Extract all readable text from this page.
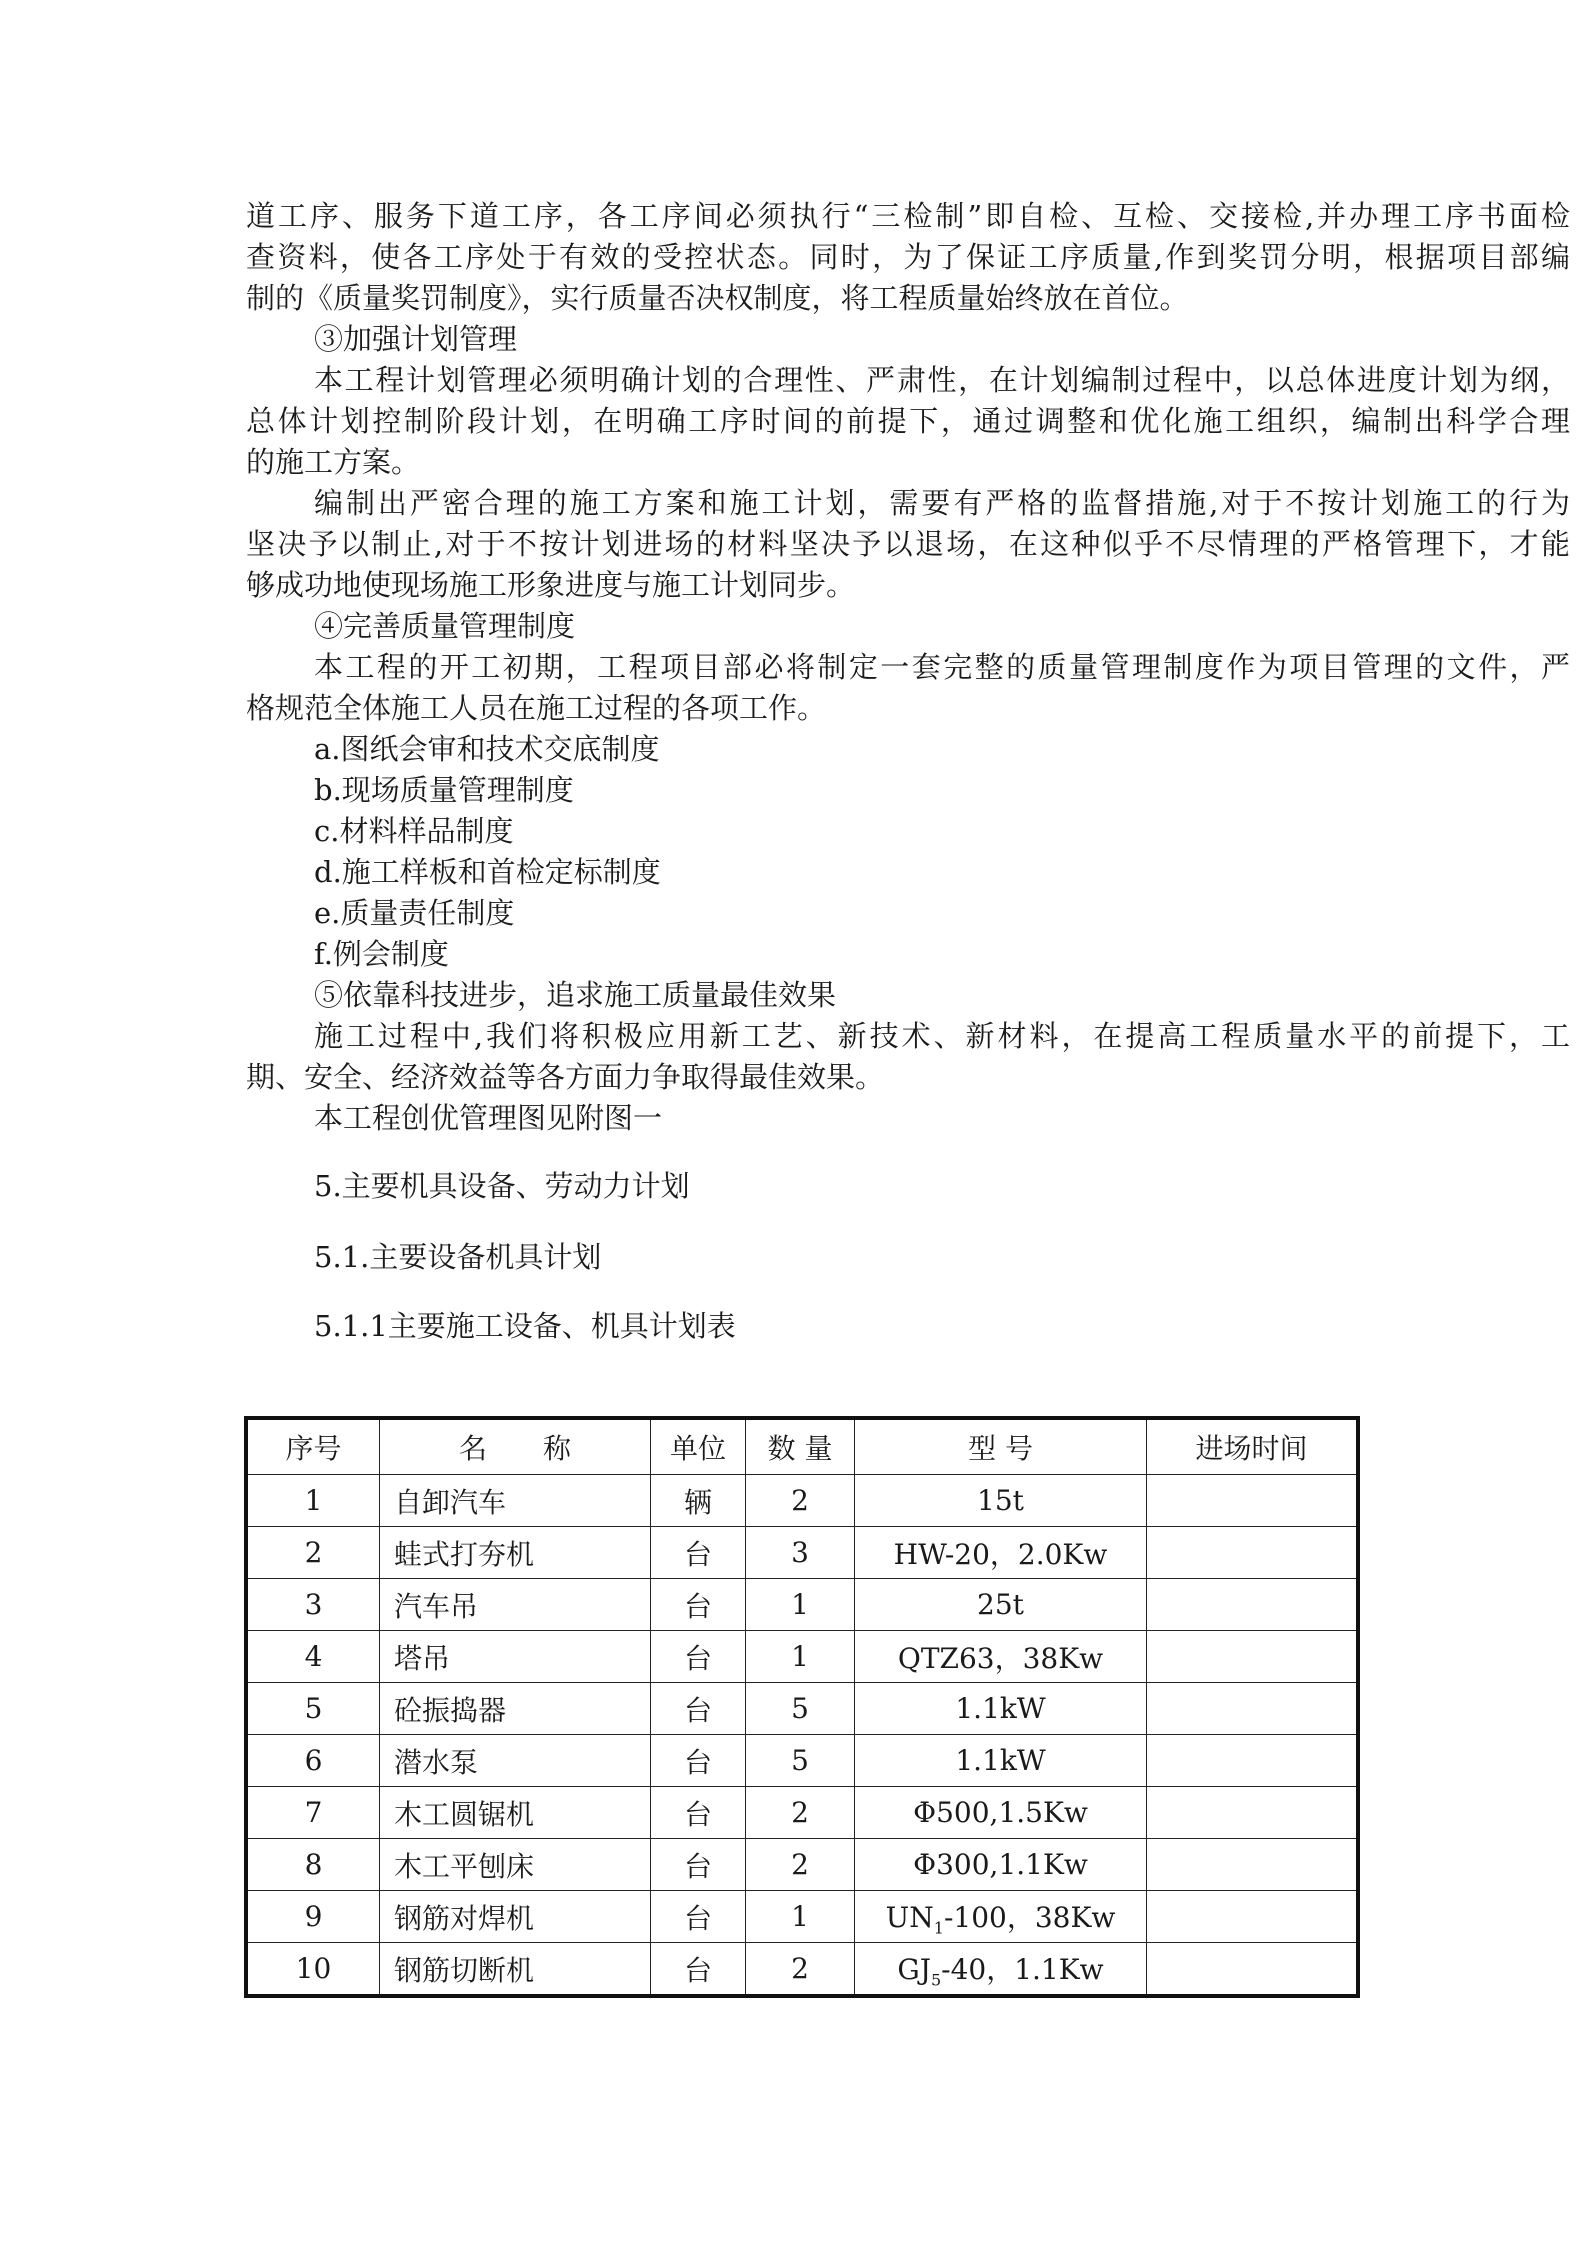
道工序、服务下道工序，各工序间必须执行“三检制”即自检、互检、交接检,并办理工序书面检
查资料，使各工序处于有效的受控状态。同时，为了保证工序质量,作到奖罚分明，根据项目部编
制的《质量奖罚制度》，实行质量否决权制度，将工程质量始终放在首位。
③加强计划管理
本工程计划管理必须明确计划的合理性、严肃性，在计划编制过程中，以总体进度计划为纲，
总体计划控制阶段计划，在明确工序时间的前提下，通过调整和优化施工组织，编制出科学合理
的施工方案。
编制出严密合理的施工方案和施工计划，需要有严格的监督措施,对于不按计划施工的行为
坚决予以制止,对于不按计划进场的材料坚决予以退场，在这种似乎不尽情理的严格管理下，才能
够成功地使现场施工形象进度与施工计划同步。
④完善质量管理制度
本工程的开工初期，工程项目部必将制定一套完整的质量管理制度作为项目管理的文件，严
格规范全体施工人员在施工过程的各项工作。
a.图纸会审和技术交底制度
b.现场质量管理制度
c.材料样品制度
d.施工样板和首检定标制度
e.质量责任制度
f.例会制度
⑤依靠科技进步，追求施工质量最佳效果
施工过程中,我们将积极应用新工艺、新技术、新材料，在提高工程质量水平的前提下，工
期、安全、经济效益等各方面力争取得最佳效果。
本工程创优管理图见附图一
5.主要机具设备、劳动力计划
5.1.主要设备机具计划
5.1.1主要施工设备、机具计划表
序号	名　　称	单位	数 量	型 号	进场时间
1	自卸汽车	辆	2	15t	
2	蛙式打夯机	台	3	HW-20，2.0Kw	
3	汽车吊	台	1	25t	
4	塔吊	台	1	QTZ63，38Kw	
5	砼振捣器	台	5	1.1kW	
6	潜水泵	台	5	1.1kW	
7	木工圆锯机	台	2	Φ500,1.5Kw	
8	木工平刨床	台	2	Φ300,1.1Kw	
9	钢筋对焊机	台	1	$UN_1-100$，38Kw	
10	钢筋切断机	台	2	$GJ_5-40$，1.1Kw	
